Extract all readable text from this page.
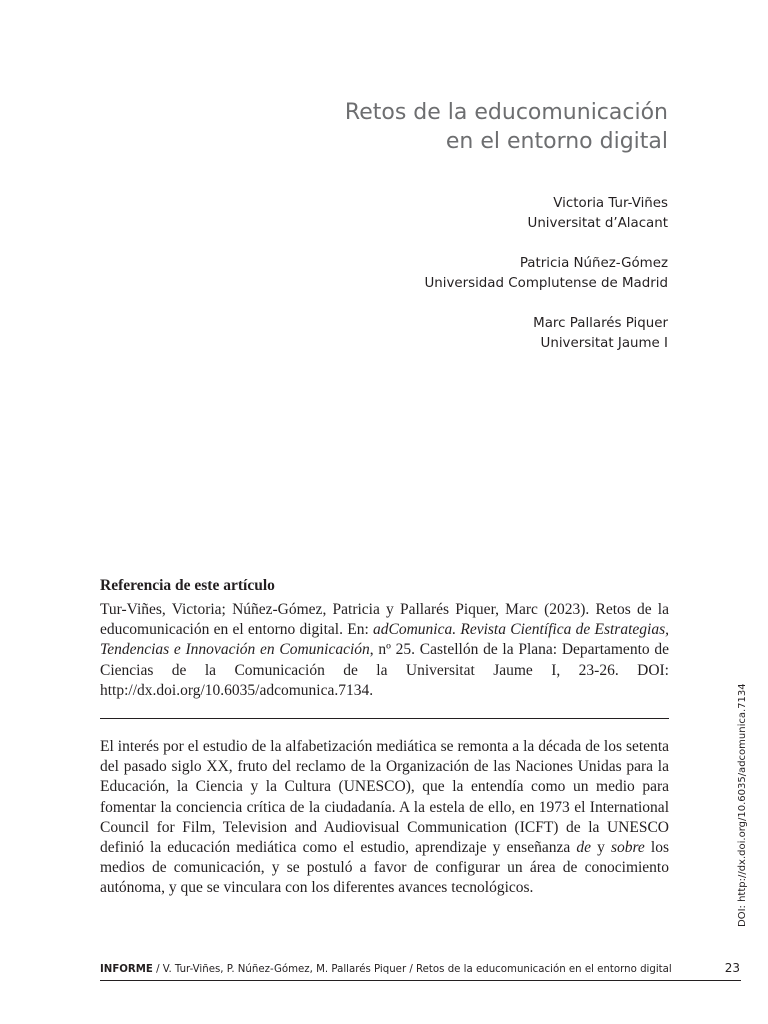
Retos de la educomunicación
en el entorno digital
Victoria Tur-Viñes
Universitat d’Alacant
Patricia Núñez-Gómez
Universidad Complutense de Madrid
Marc Pallarés Piquer
Universitat Jaume I

Referencia de este artículo

Tur-Viñes, Victoria; Núñez-Gómez, Patricia y Pallarés Piquer, Marc (2023). Retos de la educomunicación en el entorno digital. En: adComunica. Revista Científica de Estrategias, Tendencias e Innovación en Comunicación, nº 25. Castellón de la Plana: Departamento de Ciencias de la Comunicación de la Universitat Jaume I, 23-26. DOI: http://dx.doi.org/10.6035/adcomunica.7134.

El interés por el estudio de la alfabetización mediática se remonta a la década de los setenta del pasado siglo XX, fruto del reclamo de la Organización de las Naciones Unidas para la Educación, la Ciencia y la Cultura (UNESCO), que la entendía como un medio para fomentar la conciencia crítica de la ciudadanía. A la estela de ello, en 1973 el International Council for Film, Television and Audiovisual Communication (ICFT) de la UNESCO definió la educación mediática como el estudio, aprendizaje y enseñanza de y sobre los medios de comunicación, y se postuló a favor de configurar un área de conocimiento autónoma, y que se vinculara con los diferentes avances tecnológicos.	DOI: http://dx.doi.org/10.6035/adcomunica.7134
INFORME / V. Tur-Viñes, P. Núñez-Gómez, M. Pallarés Piquer / Retos de la educomunicación en el entorno digital	23
